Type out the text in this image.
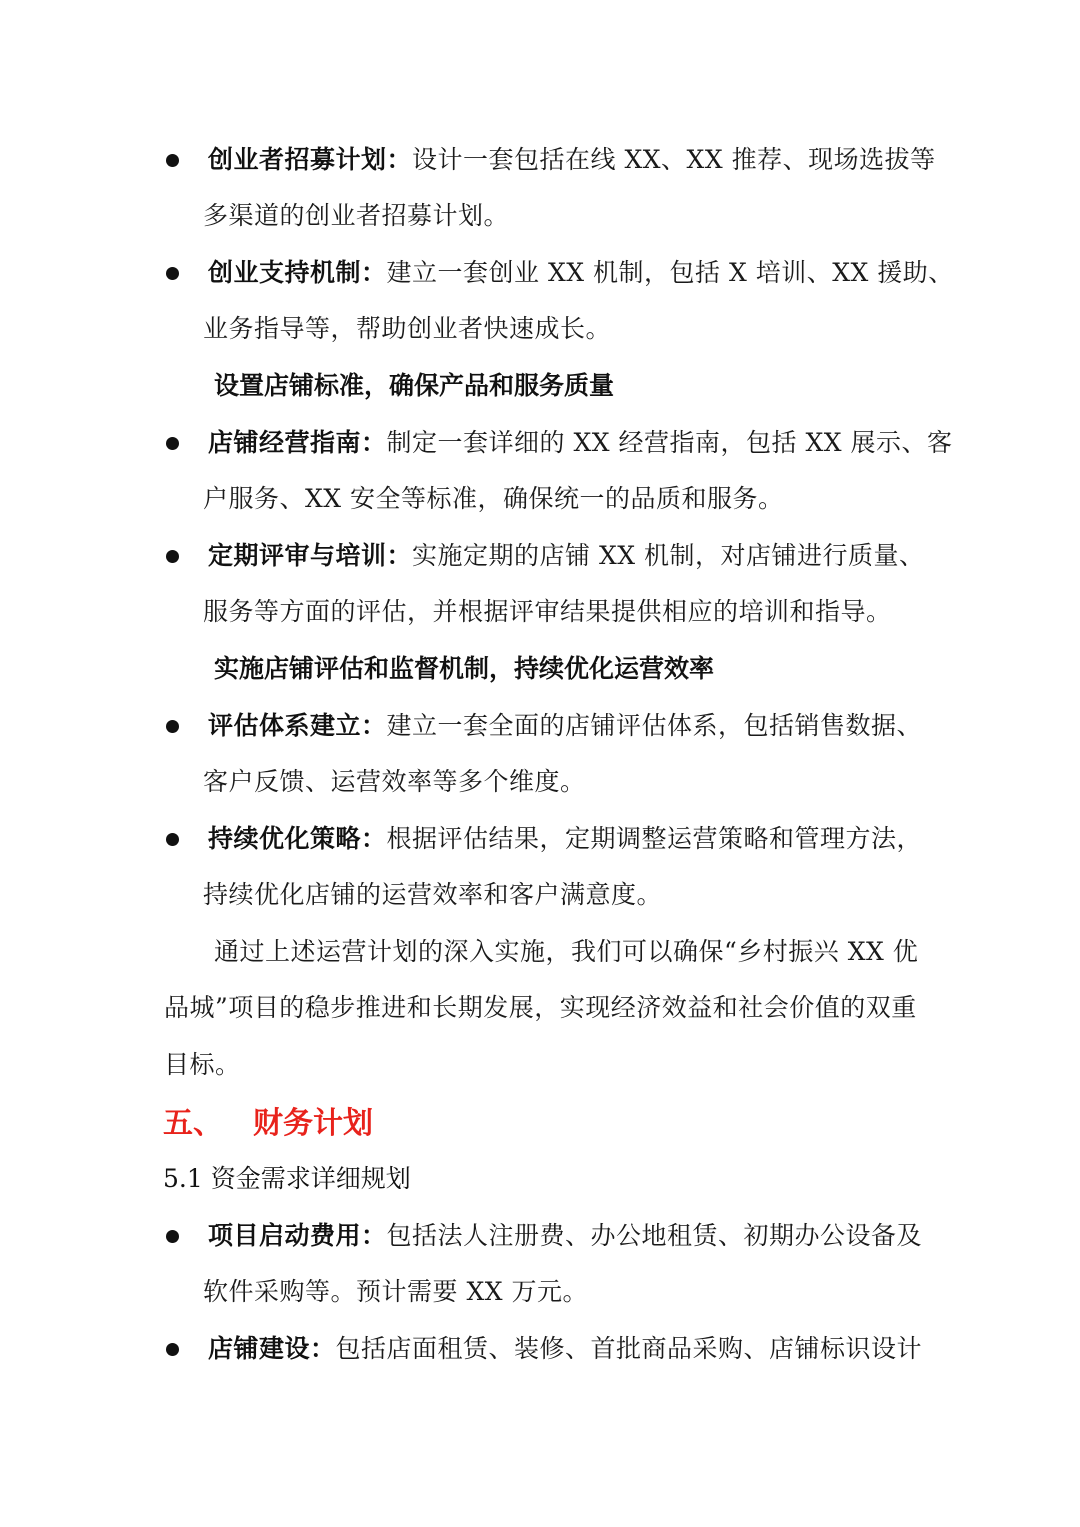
创业者招募计划：设计一套包括在线 XX、XX 推荐、现场选拔等
多渠道的创业者招募计划。
创业支持机制：建立一套创业 XX 机制，包括 X 培训、XX 援助、
业务指导等，帮助创业者快速成长。
设置店铺标准，确保产品和服务质量
店铺经营指南：制定一套详细的 XX 经营指南，包括 XX 展示、客
户服务、XX 安全等标准，确保统一的品质和服务。
定期评审与培训：实施定期的店铺 XX 机制，对店铺进行质量、
服务等方面的评估，并根据评审结果提供相应的培训和指导。
实施店铺评估和监督机制，持续优化运营效率
评估体系建立：建立一套全面的店铺评估体系，包括销售数据、
客户反馈、运营效率等多个维度。
持续优化策略：根据评估结果，定期调整运营策略和管理方法，
持续优化店铺的运营效率和客户满意度。
通过上述运营计划的深入实施，我们可以确保“乡村振兴 XX 优
品城”项目的稳步推进和长期发展，实现经济效益和社会价值的双重
目标。
五、 财务计划
5.1 资金需求详细规划
项目启动费用：包括法人注册费、办公地租赁、初期办公设备及
软件采购等。预计需要 XX 万元。
店铺建设：包括店面租赁、装修、首批商品采购、店铺标识设计
